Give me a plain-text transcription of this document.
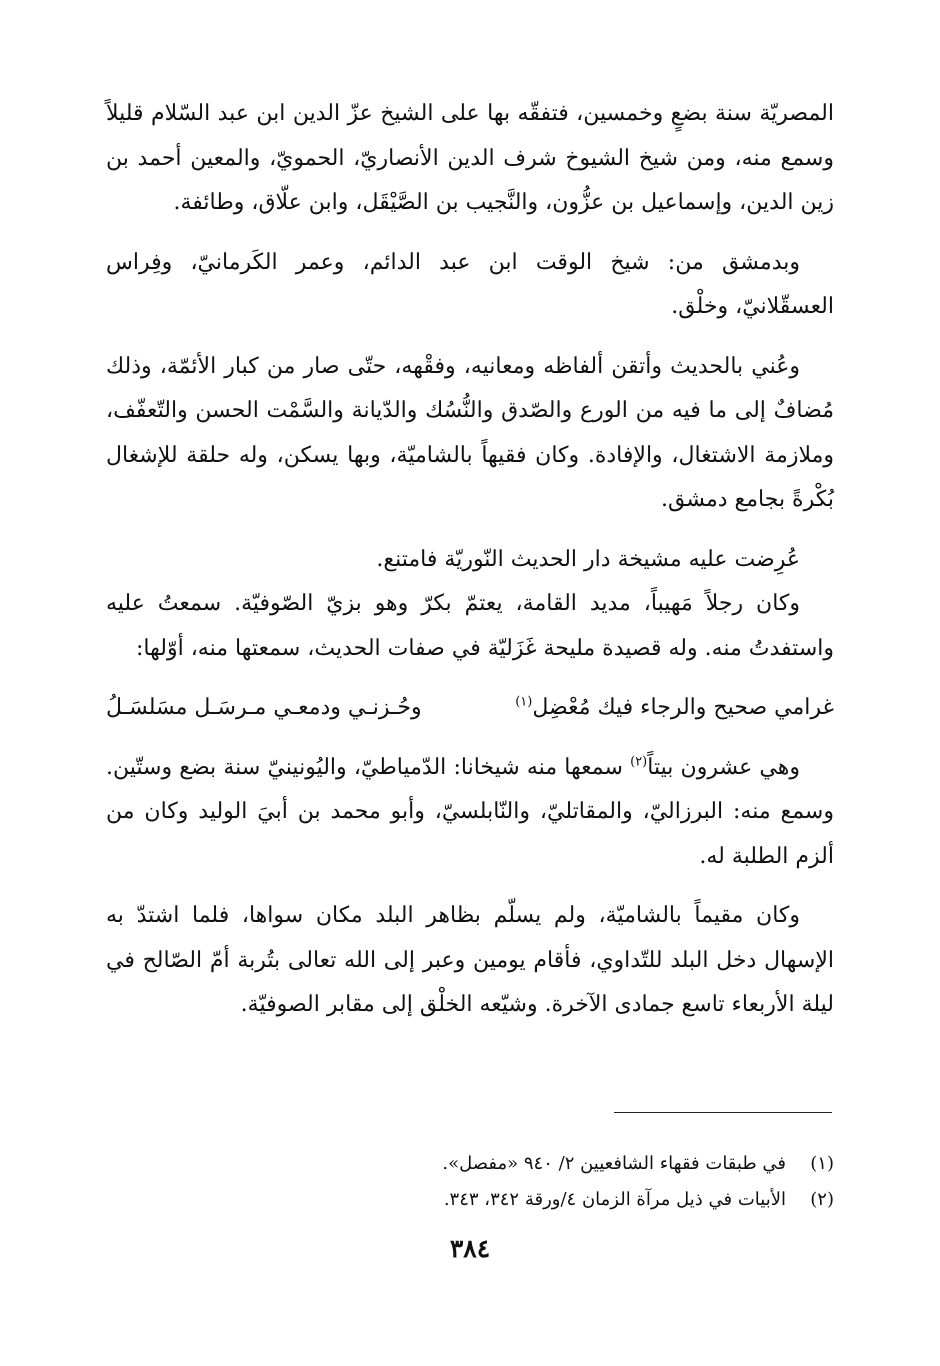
المصريّة سنة بضعٍ وخمسين، فتفقّه بها على الشيخ عزّ الدين ابن عبد السّلام قليلاً وسمع منه، ومن شيخ الشيوخ شرف الدين الأنصاريّ، الحمويّ، والمعين أحمد بن زين الدين، وإسماعيل بن عزُّون، والنَّجيب بن الصَّيْقَل، وابن علّاق، وطائفة.

وبدمشق من: شيخ الوقت ابن عبد الدائم، وعمر الكَرمانيّ، وفِراس العسقّلانيّ، وخلْق.

وعُني بالحديث وأتقن ألفاظه ومعانيه، وفقْهه، حتّى صار من كبار الأئمّة، وذلك مُضافٌ إلى ما فيه من الورع والصّدق والنُّسُك والدّيانة والسَّمْت الحسن والتّعفّف، وملازمة الاشتغال، والإفادة. وكان فقيهاً بالشاميّة، وبها يسكن، وله حلقة للإشغال بُكْرةً بجامع دمشق.

عُرِضت عليه مشيخة دار الحديث النّوريّة فامتنع.

وكان رجلاً مَهيباً، مديد القامة، يعتمّ بكرّ وهو بزيّ الصّوفيّة. سمعتُ عليه واستفدتُ منه. وله قصيدة مليحة غَزَليّة في صفات الحديث، سمعتها منه، أوّلها:

غرامي صحيح والرجاء فيك مُعْضِل$^{(١)}$
وحُـزنـي ودمعـي مـرسَـل مسَلسَـلُ

وهي عشرون بيتاً$^{(٢)}$ سمعها منه شيخانا: الدّمياطيّ، واليُونينيّ سنة بضع وستّين. وسمع منه: البرزاليّ، والمقاتليّ، والنّابلسيّ، وأبو محمد بن أبيَ الوليد وكان من ألزم الطلبة له.

وكان مقيماً بالشاميّة، ولم يسلّم بظاهر البلد مكان سواها، فلما اشتدّ به الإسهال دخل البلد للتّداوي، فأقام يومين وعبر إلى الله تعالى بتُربة أمّ الصّالح في ليلة الأربعاء تاسع جمادى الآخرة. وشيّعه الخلْق إلى مقابر الصوفيّة.

(١)في طبقات فقهاء الشافعيين ٢/ ٩٤٠ «مفصل».

(٢)الأبيات في ذيل مرآة الزمان ٤/ورقة ٣٤٢، ٣٤٣.

٣٨٤
